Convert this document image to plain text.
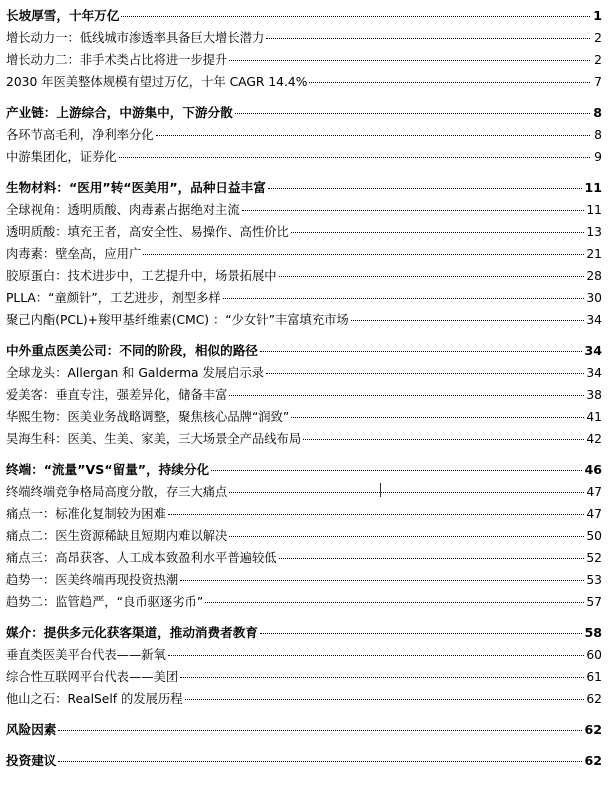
长坡厚雪，十年万亿	1
增长动力一：低线城市渗透率具备巨大增长潜力	2
增长动力二：非手术类占比将进一步提升	2
2030 年医美整体规模有望过万亿，十年 CAGR 14.4%	7
产业链：上游综合，中游集中，下游分散	8
各环节高毛利，净利率分化	8
中游集团化，证券化	9
生物材料：“医用”转“医美用”，品种日益丰富	11
全球视角：透明质酸、肉毒素占据绝对主流	11
透明质酸：填充王者，高安全性、易操作、高性价比	13
肉毒素：壁垒高，应用广	21
胶原蛋白：技术进步中，工艺提升中，场景拓展中	28
PLLA：“童颜针”，工艺进步，剂型多样	30
聚己内酯(PCL)+羧甲基纤维素(CMC) ：“少女针”丰富填充市场	34
中外重点医美公司：不同的阶段，相似的路径	34
全球龙头：Allergan 和 Galderma 发展启示录	34
爱美客：垂直专注，强差异化，储备丰富	38
华熙生物：医美业务战略调整，聚焦核心品牌“润致”	41
昊海生科：医美、生美、家美，三大场景全产品线布局	42
终端：“流量”VS“留量”，持续分化	46
终端终端竞争格局高度分散，存三大痛点	47
痛点一：标准化复制较为困难	47
痛点二：医生资源稀缺且短期内难以解决	50
痛点三：高昂获客、人工成本致盈利水平普遍较低	52
趋势一：医美终端再现投资热潮	53
趋势二：监管趋严，“良币驱逐劣币”	57
媒介：提供多元化获客渠道，推动消费者教育	58
垂直类医美平台代表——新氧	60
综合性互联网平台代表——美团	61
他山之石：RealSelf 的发展历程	62
风险因素	62
投资建议	62
